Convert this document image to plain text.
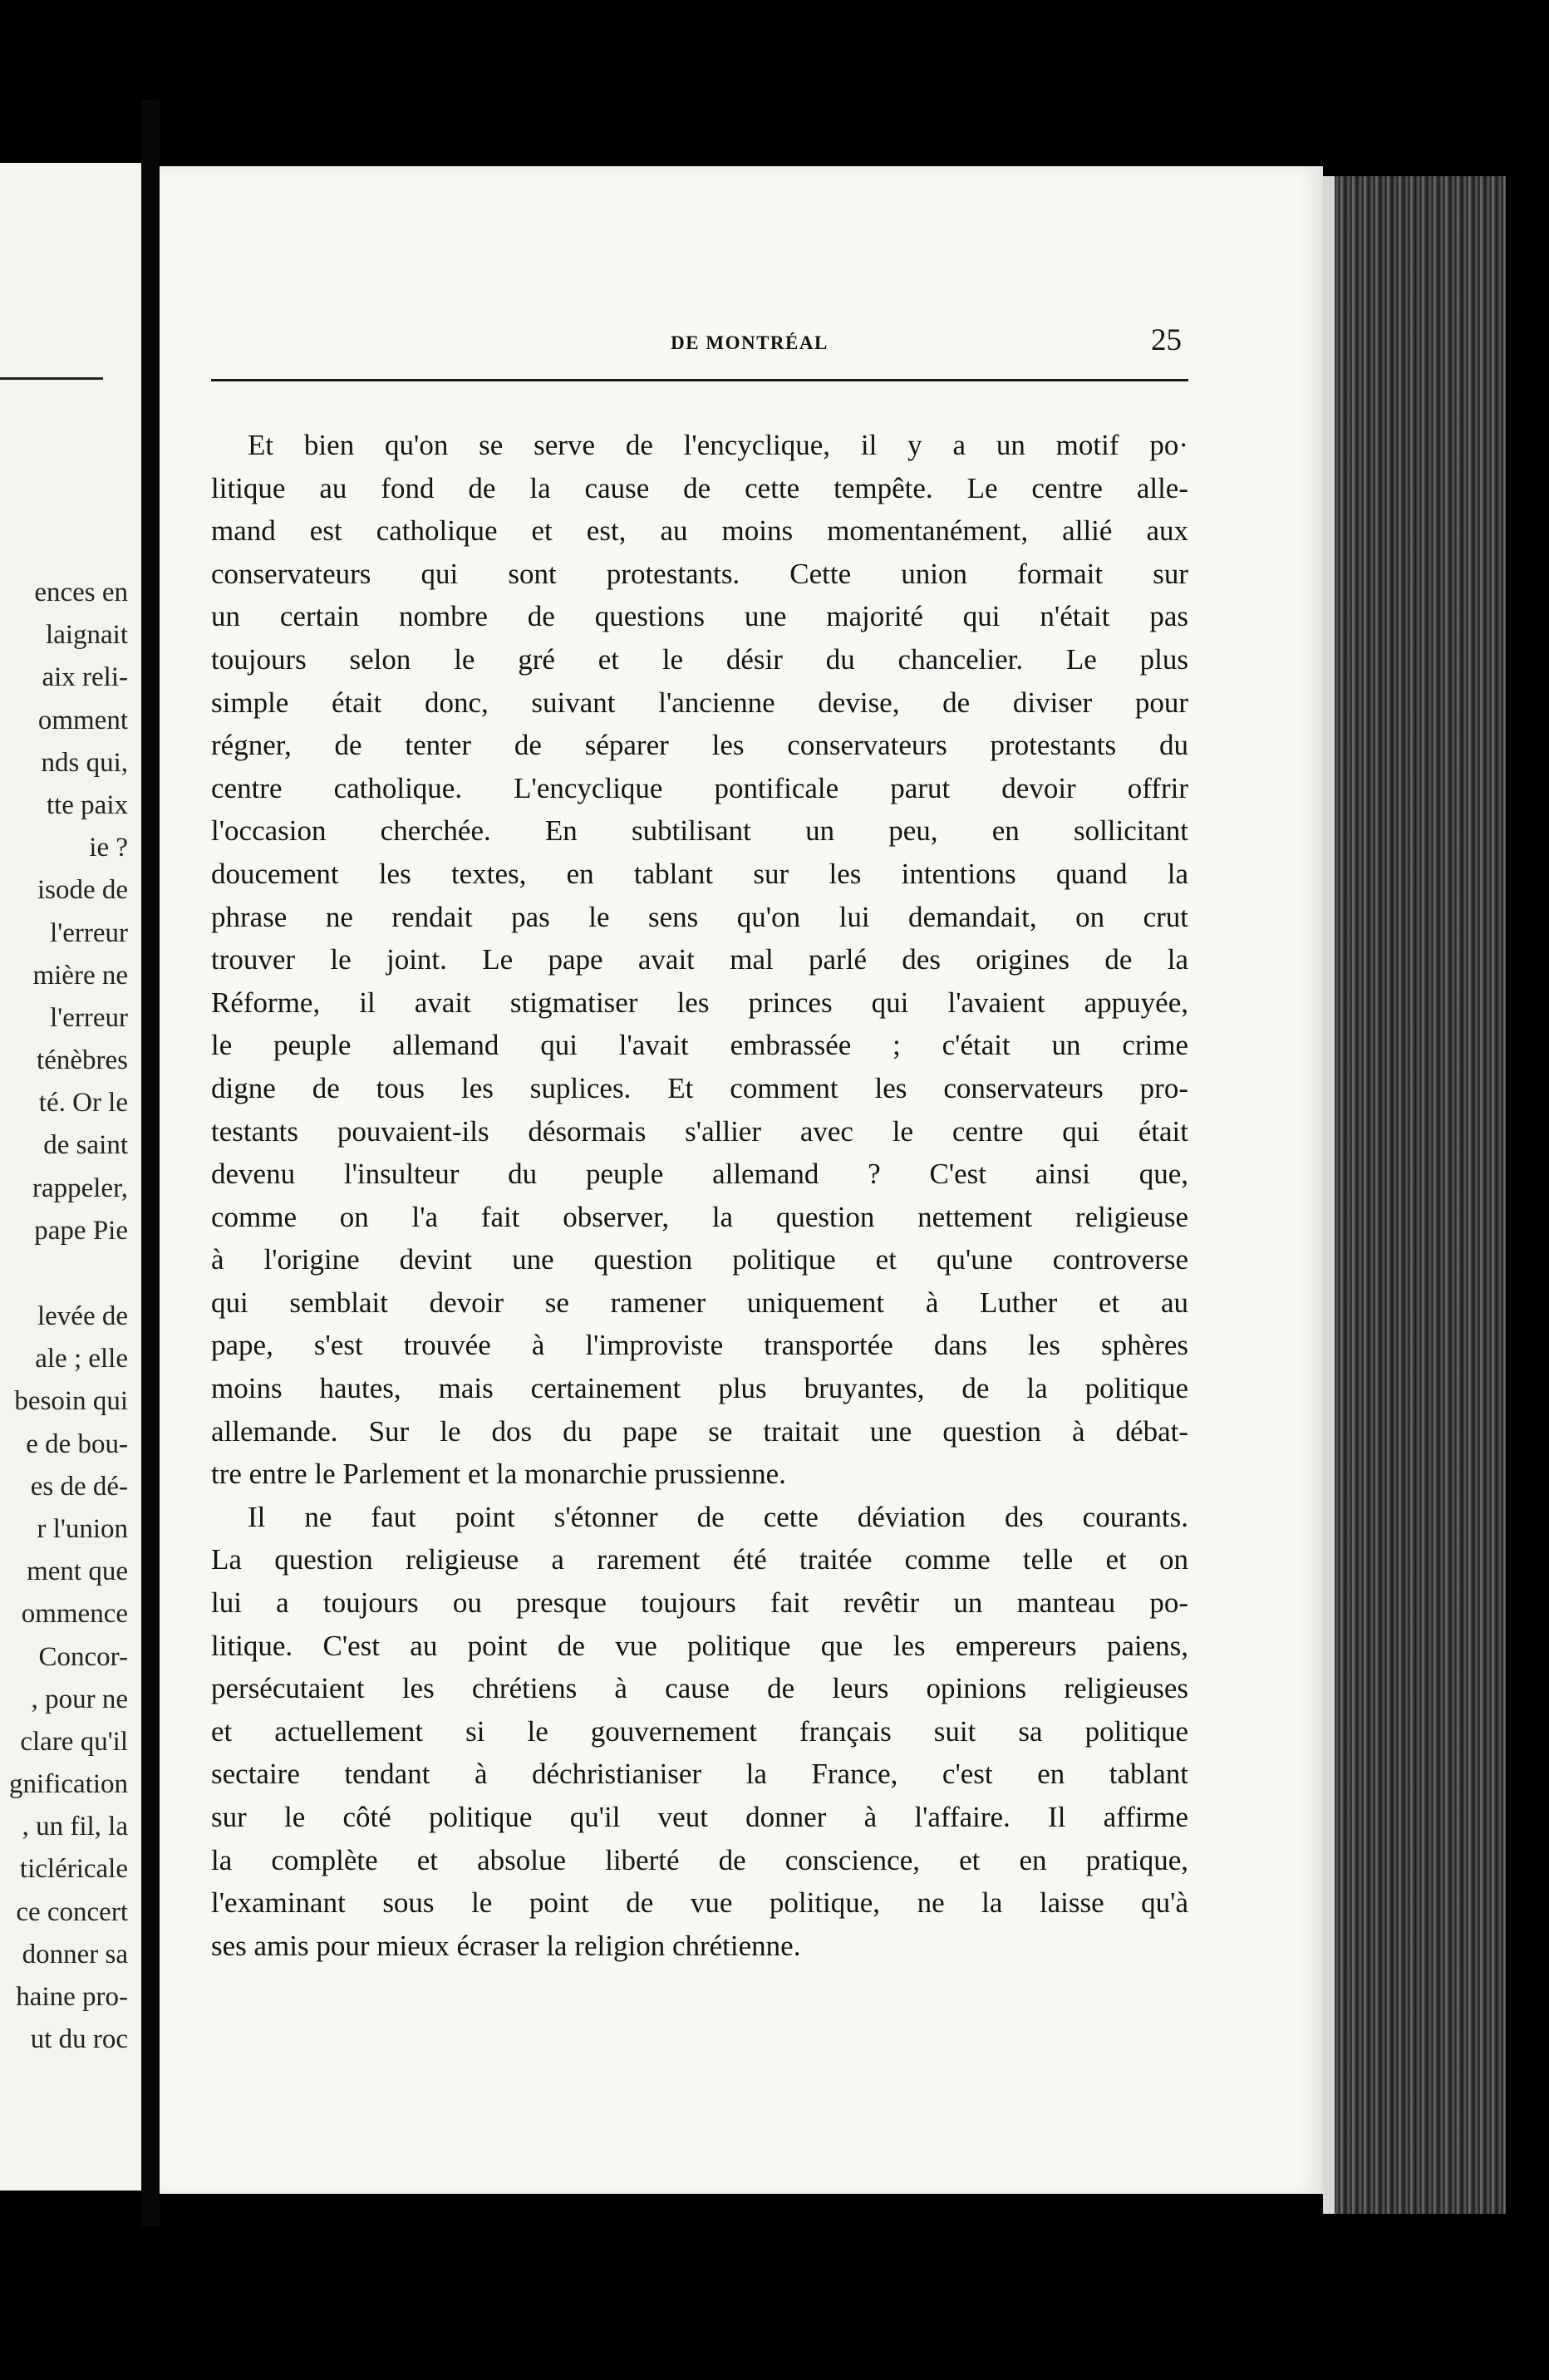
ences en
laignait
aix reli-
omment
nds qui,
tte paix
ie ?
isode de
l'erreur
mière ne
l'erreur
ténèbres
té. Or le
de saint
rappeler,
pape Pie
levée de
ale ; elle
besoin qui
e de bou-
es de dé-
r l'union
ment que
ommence
Concor-
, pour ne
clare qu'il
gnification
, un fil, la
ticléricale
ce concert
donner sa
haine pro-
ut du roc
DE MONTRÉAL	25
Et bien qu'on se serve de l'encyclique, il y a un motif po·
litique au fond de la cause de cette tempête. Le centre alle-
mand est catholique et est, au moins momentanément, allié aux
conservateurs qui sont protestants. Cette union formait sur
un certain nombre de questions une majorité qui n'était pas
toujours selon le gré et le désir du chancelier. Le plus
simple était donc, suivant l'ancienne devise, de diviser pour
régner, de tenter de séparer les conservateurs protestants du
centre catholique. L'encyclique pontificale parut devoir offrir
l'occasion cherchée. En subtilisant un peu, en sollicitant
doucement les textes, en tablant sur les intentions quand la
phrase ne rendait pas le sens qu'on lui demandait, on crut
trouver le joint. Le pape avait mal parlé des origines de la
Réforme, il avait stigmatiser les princes qui l'avaient appuyée,
le peuple allemand qui l'avait embrassée ; c'était un crime
digne de tous les suplices. Et comment les conservateurs pro-
testants pouvaient-ils désormais s'allier avec le centre qui était
devenu l'insulteur du peuple allemand ? C'est ainsi que,
comme on l'a fait observer, la question nettement religieuse
à l'origine devint une question politique et qu'une controverse
qui semblait devoir se ramener uniquement à Luther et au
pape, s'est trouvée à l'improviste transportée dans les sphères
moins hautes, mais certainement plus bruyantes, de la politique
allemande. Sur le dos du pape se traitait une question à débat-
tre entre le Parlement et la monarchie prussienne.
Il ne faut point s'étonner de cette déviation des courants.
La question religieuse a rarement été traitée comme telle et on
lui a toujours ou presque toujours fait revêtir un manteau po-
litique. C'est au point de vue politique que les empereurs paiens,
persécutaient les chrétiens à cause de leurs opinions religieuses
et actuellement si le gouvernement français suit sa politique
sectaire tendant à déchristianiser la France, c'est en tablant
sur le côté politique qu'il veut donner à l'affaire. Il affirme
la complète et absolue liberté de conscience, et en pratique,
l'examinant sous le point de vue politique, ne la laisse qu'à
ses amis pour mieux écraser la religion chrétienne.
